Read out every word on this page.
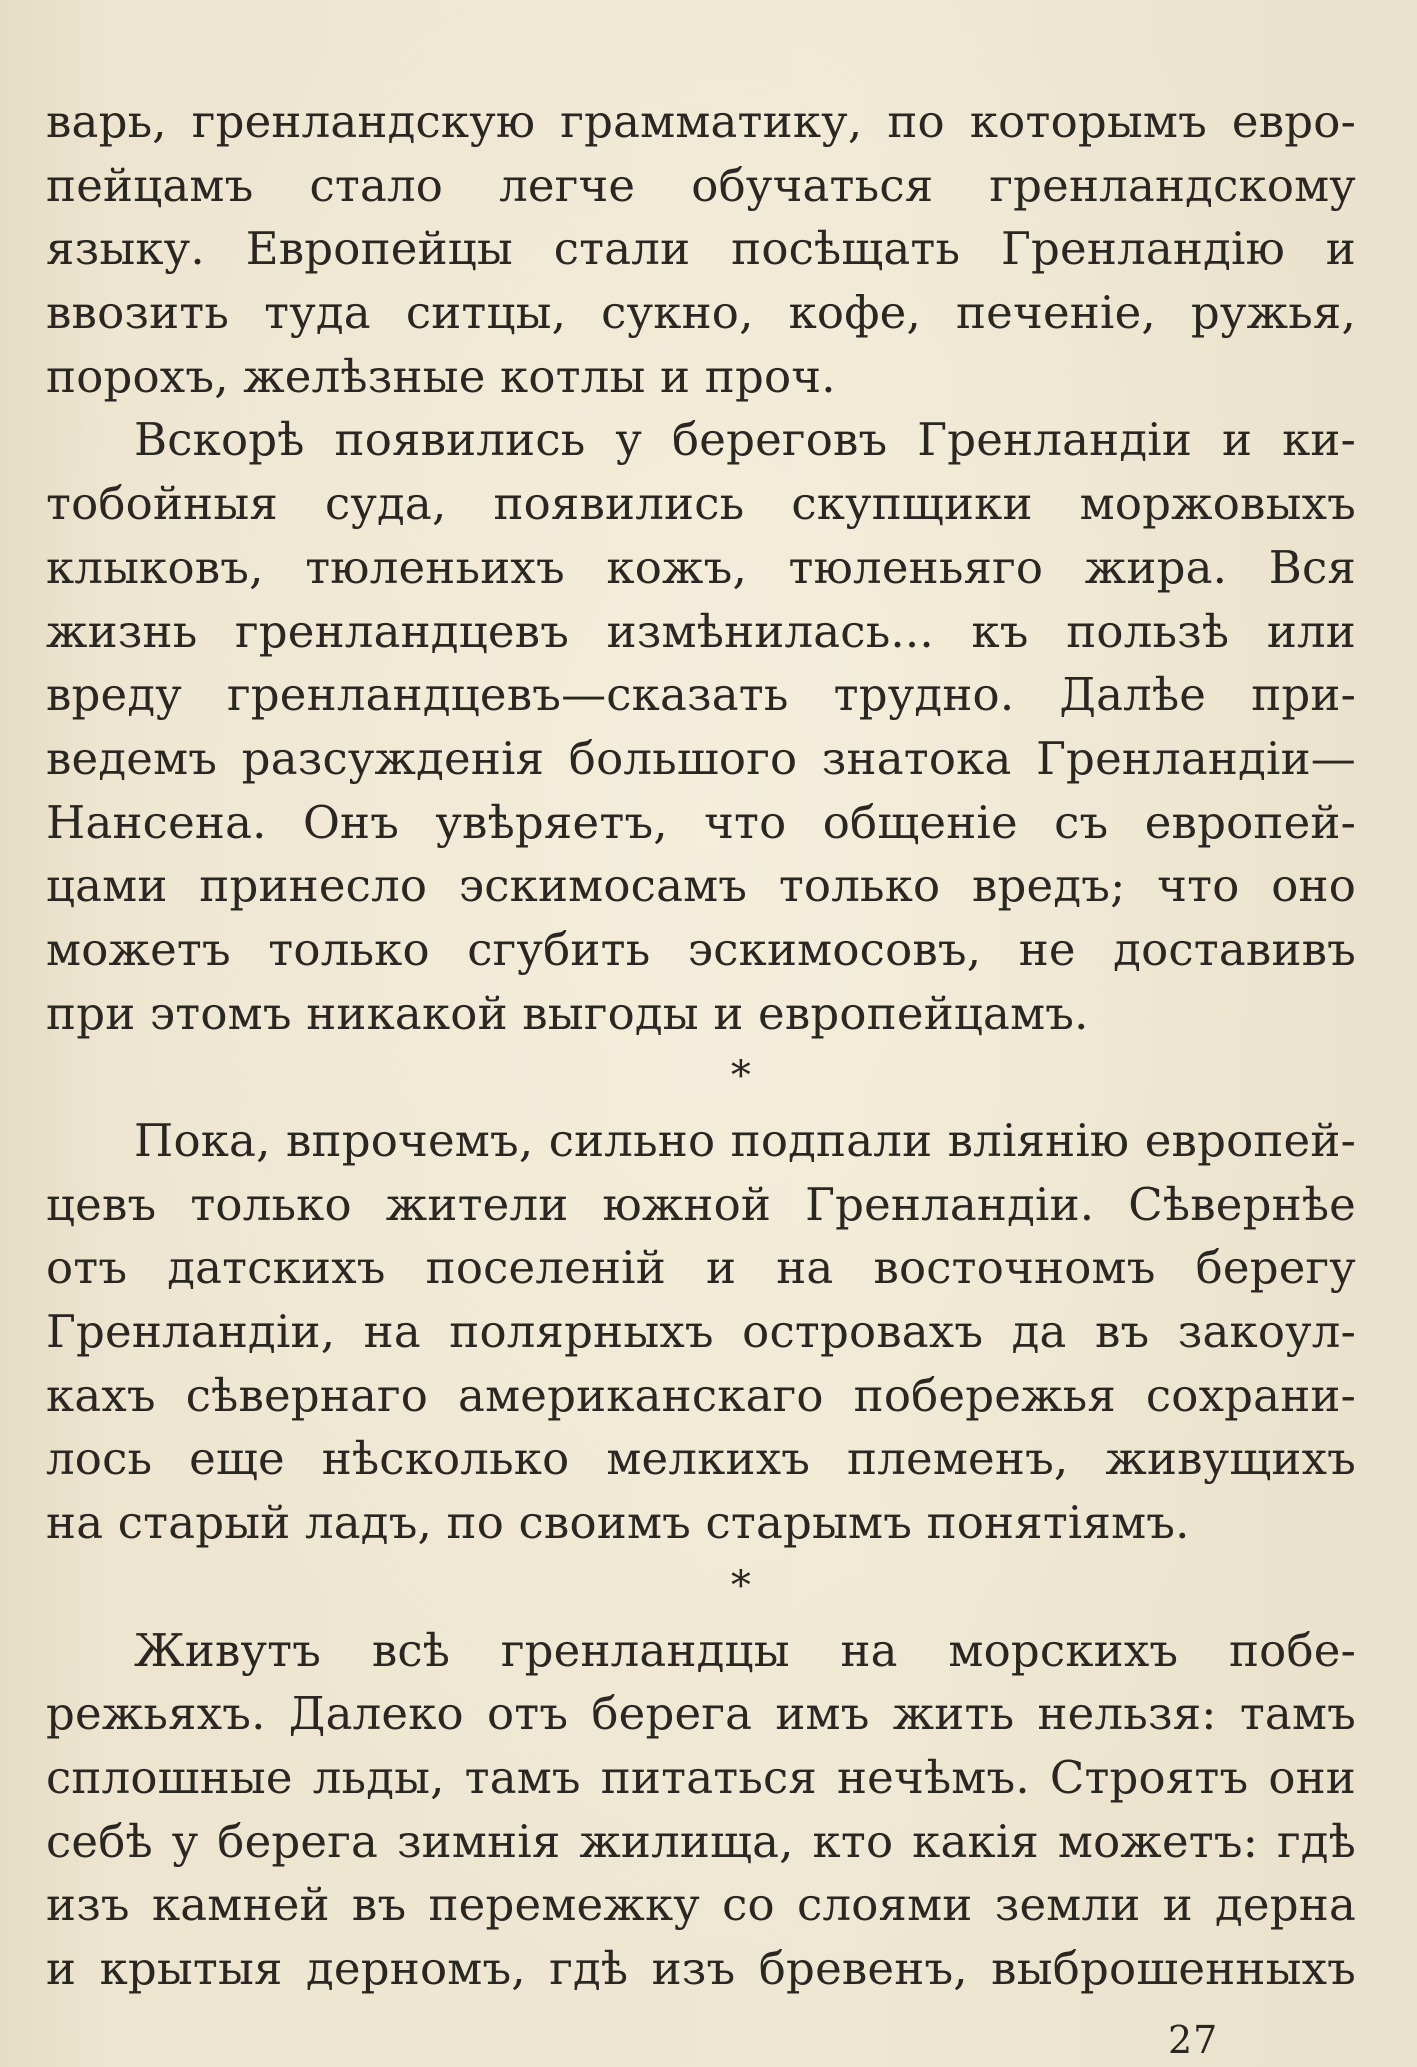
варь, гренландскую грамматику, по которымъ евро-
пейцамъ стало легче обучаться гренландскому
языку. Европейцы стали посѣщать Гренландію и
ввозить туда ситцы, сукно, кофе, печеніе, ружья,
порохъ, желѣзные котлы и проч.
Вскорѣ появились у береговъ Гренландіи и ки-
тобойныя суда, появились скупщики моржовыхъ
клыковъ, тюленьихъ кожъ, тюленьяго жира. Вся
жизнь гренландцевъ измѣнилась... къ пользѣ или
вреду гренландцевъ—сказать трудно. Далѣе при-
ведемъ разсужденія большого знатока Гренландіи—
Нансена. Онъ увѣряетъ, что общеніе съ европей-
цами принесло эскимосамъ только вредъ; что оно
можетъ только сгубить эскимосовъ, не доставивъ
при этомъ никакой выгоды и европейцамъ.
*
Пока, впрочемъ, сильно подпали вліянію европей-
цевъ только жители южной Гренландіи. Сѣвернѣе
отъ датскихъ поселеній и на восточномъ берегу
Гренландіи, на полярныхъ островахъ да въ закоул-
кахъ сѣвернаго американскаго побережья сохрани-
лось еще нѣсколько мелкихъ племенъ, живущихъ
на старый ладъ, по своимъ старымъ понятіямъ.
*
Живутъ всѣ гренландцы на морскихъ побе-
режьяхъ. Далеко отъ берега имъ жить нельзя: тамъ
сплошные льды, тамъ питаться нечѣмъ. Строятъ они
себѣ у берега зимнія жилища, кто какія можетъ: гдѣ
изъ камней въ перемежку со слоями земли и дерна
и крытыя дерномъ, гдѣ изъ бревенъ, выброшенныхъ
27
